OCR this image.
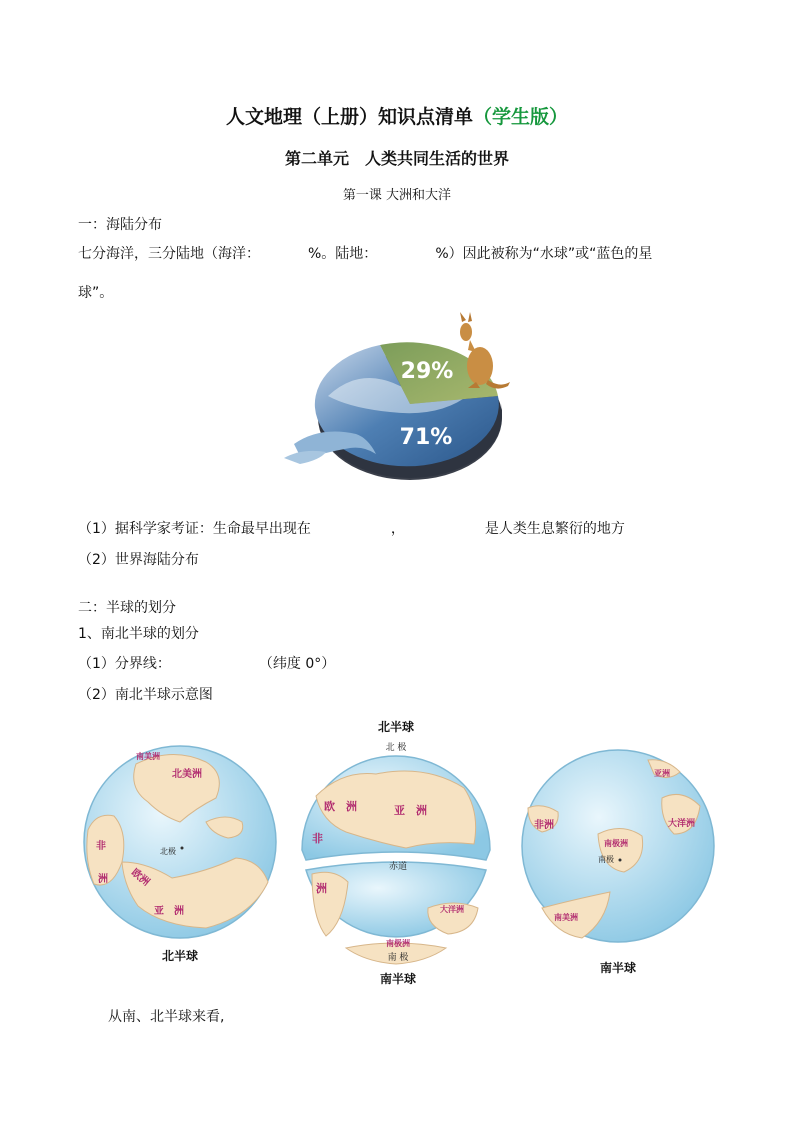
人文地理（上册）知识点清单（学生版）
第二单元　人类共同生活的世界
第一课 大洲和大洋
一：海陆分布
七分海洋，三分陆地（海洋：	%。陆地：	%）因此被称为“水球”或“蓝色的星
球”。
29%
71%
（1）据科学家考证：生命最早出现在	，	是人类生息繁衍的地方
（2）世界海陆分布
二：半球的划分
1、南北半球的划分
（1）分界线：	（纬度 0°）
（2）南北半球示意图
北美洲
南美洲
非
洲 欧洲
亚　洲
北极
北半球
北半球
北 极
欧　洲	亚　洲
非
洲
赤道
大洋洲
南极洲
南 极
南半球
非洲
南极洲
南极
大洋洲
南美洲
亚洲
南半球
从南、北半球来看,
